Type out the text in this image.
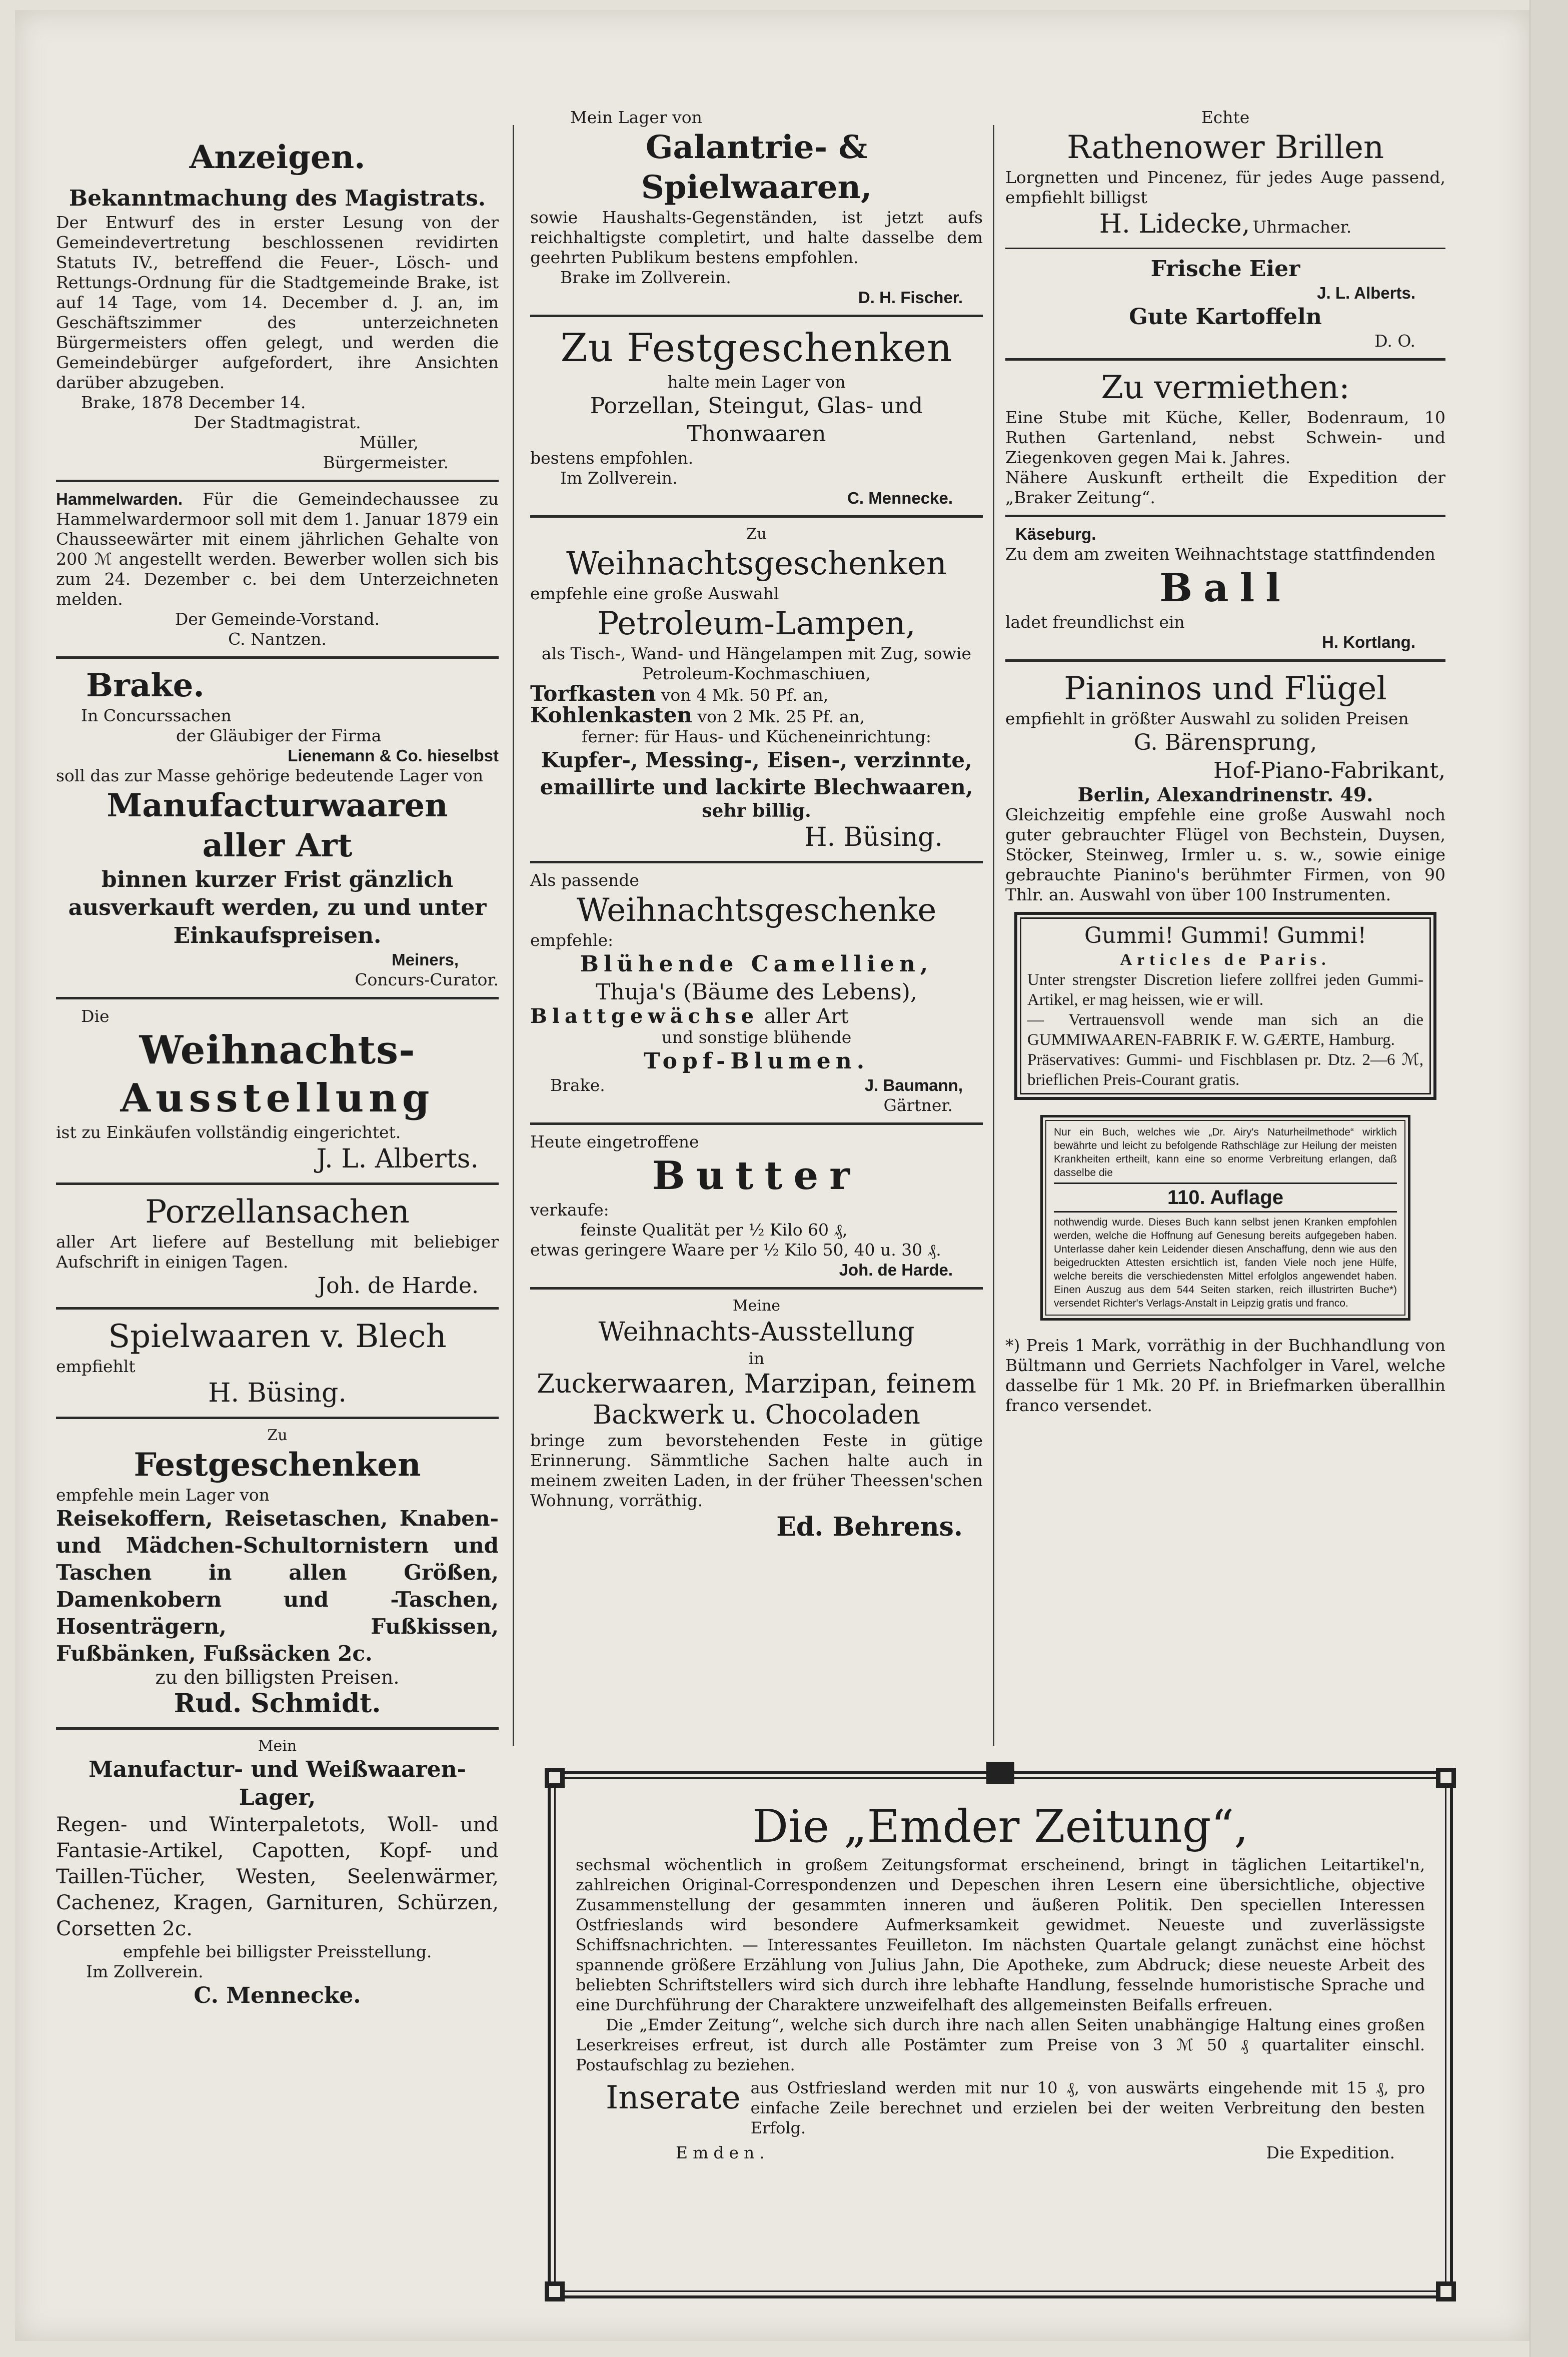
Anzeigen.
Bekanntmachung des Magistrats.
Der Entwurf des in erster Lesung von der Gemeindevertretung beschlossenen revidirten Statuts IV., betreffend die Feuer-, Lösch- und Rettungs-Ordnung für die Stadtgemeinde Brake, ist auf 14 Tage, vom 14. December d. J. an, im Geschäftszimmer des unterzeichneten Bürgermeisters offen gelegt, und werden die Gemeindebürger aufgefordert, ihre Ansichten darüber abzugeben.
Brake, 1878 December 14.
Der Stadtmagistrat.
Müller,
Bürgermeister.
Hammelwarden. Für die Gemeindechaussee zu Hammelwardermoor soll mit dem 1. Januar 1879 ein Chausseewärter mit einem jährlichen Gehalte von 200 ℳ angestellt werden. Bewerber wollen sich bis zum 24. Dezember c. bei dem Unterzeichneten melden.
Der Gemeinde-Vorstand.
C. Nantzen.
Brake.
In Concurssachen
der Gläubiger der Firma
Lienemann & Co. hieselbst
soll das zur Masse gehörige bedeutende Lager von
Manufacturwaaren
aller Art
binnen kurzer Frist gänzlich ausverkauft werden, zu und unter Einkaufspreisen.
Meiners,
Concurs-Curator.
Die
Weihnachts-
Ausstellung
ist zu Einkäufen vollständig eingerichtet.
J. L. Alberts.
Porzellansachen
aller Art liefere auf Bestellung mit beliebiger Aufschrift in einigen Tagen.
Joh. de Harde.
Spielwaaren v. Blech
empfiehlt
H. Büsing.
Zu
Festgeschenken
empfehle mein Lager von
Reisekoffern, Reisetaschen, Knaben- und Mädchen-Schultornistern und Taschen in allen Größen, Damenkobern und -Taschen, Hosenträgern, Fußkissen, Fußbänken, Fußsäcken 2c.
zu den billigsten Preisen.
Rud. Schmidt.
Mein
Manufactur- und Weißwaaren-Lager,
Regen- und Winterpaletots, Woll- und Fantasie-Artikel, Capotten, Kopf- und Taillen-Tücher, Westen, Seelenwärmer, Cachenez, Kragen, Garnituren, Schürzen, Corsetten 2c.
empfehle bei billigster Preisstellung.
Im Zollverein.
C. Mennecke.
Mein Lager von
Galantrie- & Spielwaaren,
sowie Haushalts-Gegenständen, ist jetzt aufs reichhaltigste completirt, und halte dasselbe dem geehrten Publikum bestens empfohlen.
Brake im Zollverein.
D. H. Fischer.
Zu Festgeschenken
halte mein Lager von
Porzellan, Steingut, Glas- und Thonwaaren
bestens empfohlen.
Im Zollverein.
C. Mennecke.
Zu
Weihnachtsgeschenken
empfehle eine große Auswahl
Petroleum-Lampen,
als Tisch-, Wand- und Hängelampen mit Zug, sowie Petroleum-Kochmaschiuen,
Torfkasten von 4 Mk. 50 Pf. an,
Kohlenkasten von 2 Mk. 25 Pf. an,
ferner: für Haus- und Kücheneinrichtung:
Kupfer-, Messing-, Eisen-, verzinnte, emaillirte und lackirte Blechwaaren,
sehr billig.
H. Büsing.
Als passende
Weihnachtsgeschenke
empfehle:
Blühende Camellien,
Thuja's (Bäume des Lebens),
Blattgewächse aller Art
und sonstige blühende
Topf-Blumen.
Brake.	J. Baumann,
Gärtner.
Heute eingetroffene
Butter
verkaufe:
feinste Qualität per ½ Kilo 60 ₰,
etwas geringere Waare per ½ Kilo 50, 40 u. 30 ₰.
Joh. de Harde.
Meine
Weihnachts-Ausstellung
in
Zuckerwaaren, Marzipan, feinem Backwerk u. Chocoladen
bringe zum bevorstehenden Feste in gütige Erinnerung. Sämmtliche Sachen halte auch in meinem zweiten Laden, in der früher Theessen'schen Wohnung, vorräthig.
Ed. Behrens.
Echte
Rathenower Brillen
Lorgnetten und Pincenez, für jedes Auge passend, empfiehlt billigst
H. Lidecke, Uhrmacher.
Frische Eier
J. L. Alberts.
Gute Kartoffeln
D. O.
Zu vermiethen:
Eine Stube mit Küche, Keller, Bodenraum, 10 Ruthen Gartenland, nebst Schwein- und Ziegenkoven gegen Mai k. Jahres.
Nähere Auskunft ertheilt die Expedition der „Braker Zeitung“.
Käseburg.
Zu dem am zweiten Weihnachtstage stattfindenden
Ball
ladet freundlichst ein
H. Kortlang.
Pianinos und Flügel
empfiehlt in größter Auswahl zu soliden Preisen
G. Bärensprung,
Hof-Piano-Fabrikant,
Berlin, Alexandrinenstr. 49.
Gleichzeitig empfehle eine große Auswahl noch guter gebrauchter Flügel von Bechstein, Duysen, Stöcker, Steinweg, Irmler u. s. w., sowie einige gebrauchte Pianino's berühmter Firmen, von 90 Thlr. an. Auswahl von über 100 Instrumenten.
Gummi! Gummi! Gummi!
Articles de Paris.
Unter strengster Discretion liefere zollfrei jeden Gummi-Artikel, er mag heissen, wie er will.
— Vertrauensvoll wende man sich an die GUMMIWAAREN-FABRIK F. W. GÆRTE, Hamburg.
Präservatives: Gummi- und Fischblasen pr. Dtz. 2—6 ℳ, brieflichen Preis-Courant gratis.
Nur ein Buch, welches wie „Dr. Airy's Naturheilmethode“ wirklich bewährte und leicht zu befolgende Rathschläge zur Heilung der meisten Krankheiten ertheilt, kann eine so enorme Verbreitung erlangen, daß dasselbe die
110. Auflage
nothwendig wurde. Dieses Buch kann selbst jenen Kranken empfohlen werden, welche die Hoffnung auf Genesung bereits aufgegeben haben. Unterlasse daher kein Leidender diesen Anschaffung, denn wie aus den beigedruckten Attesten ersichtlich ist, fanden Viele noch jene Hülfe, welche bereits die verschiedensten Mittel erfolglos angewendet haben. Einen Auszug aus dem 544 Seiten starken, reich illustrirten Buche*) versendet Richter's Verlags-Anstalt in Leipzig gratis und franco.
*) Preis 1 Mark, vorräthig in der Buchhandlung von Bültmann und Gerriets Nachfolger in Varel, welche dasselbe für 1 Mk. 20 Pf. in Briefmarken überallhin franco versendet.
Die „Emder Zeitung“,
sechsmal wöchentlich in großem Zeitungsformat erscheinend, bringt in täglichen Leitartikel'n, zahlreichen Original-Correspondenzen und Depeschen ihren Lesern eine übersichtliche, objective Zusammenstellung der gesammten inneren und äußeren Politik. Den speciellen Interessen Ostfrieslands wird besondere Aufmerksamkeit gewidmet. Neueste und zuverlässigste Schiffsnachrichten. — Interessantes Feuilleton. Im nächsten Quartale gelangt zunächst eine höchst spannende größere Erzählung von Julius Jahn, Die Apotheke, zum Abdruck; diese neueste Arbeit des beliebten Schriftstellers wird sich durch ihre lebhafte Handlung, fesselnde humoristische Sprache und eine Durchführung der Charaktere unzweifelhaft des allgemeinsten Beifalls erfreuen.
Die „Emder Zeitung“, welche sich durch ihre nach allen Seiten unabhängige Haltung eines großen Leserkreises erfreut, ist durch alle Postämter zum Preise von 3 ℳ 50 ₰ quartaliter einschl. Postaufschlag zu beziehen.
Inserate aus Ostfriesland werden mit nur 10 ₰, von auswärts eingehende mit 15 ₰, pro einfache Zeile berechnet und erzielen bei der weiten Verbreitung den besten Erfolg.
Emden.	Die Expedition.
